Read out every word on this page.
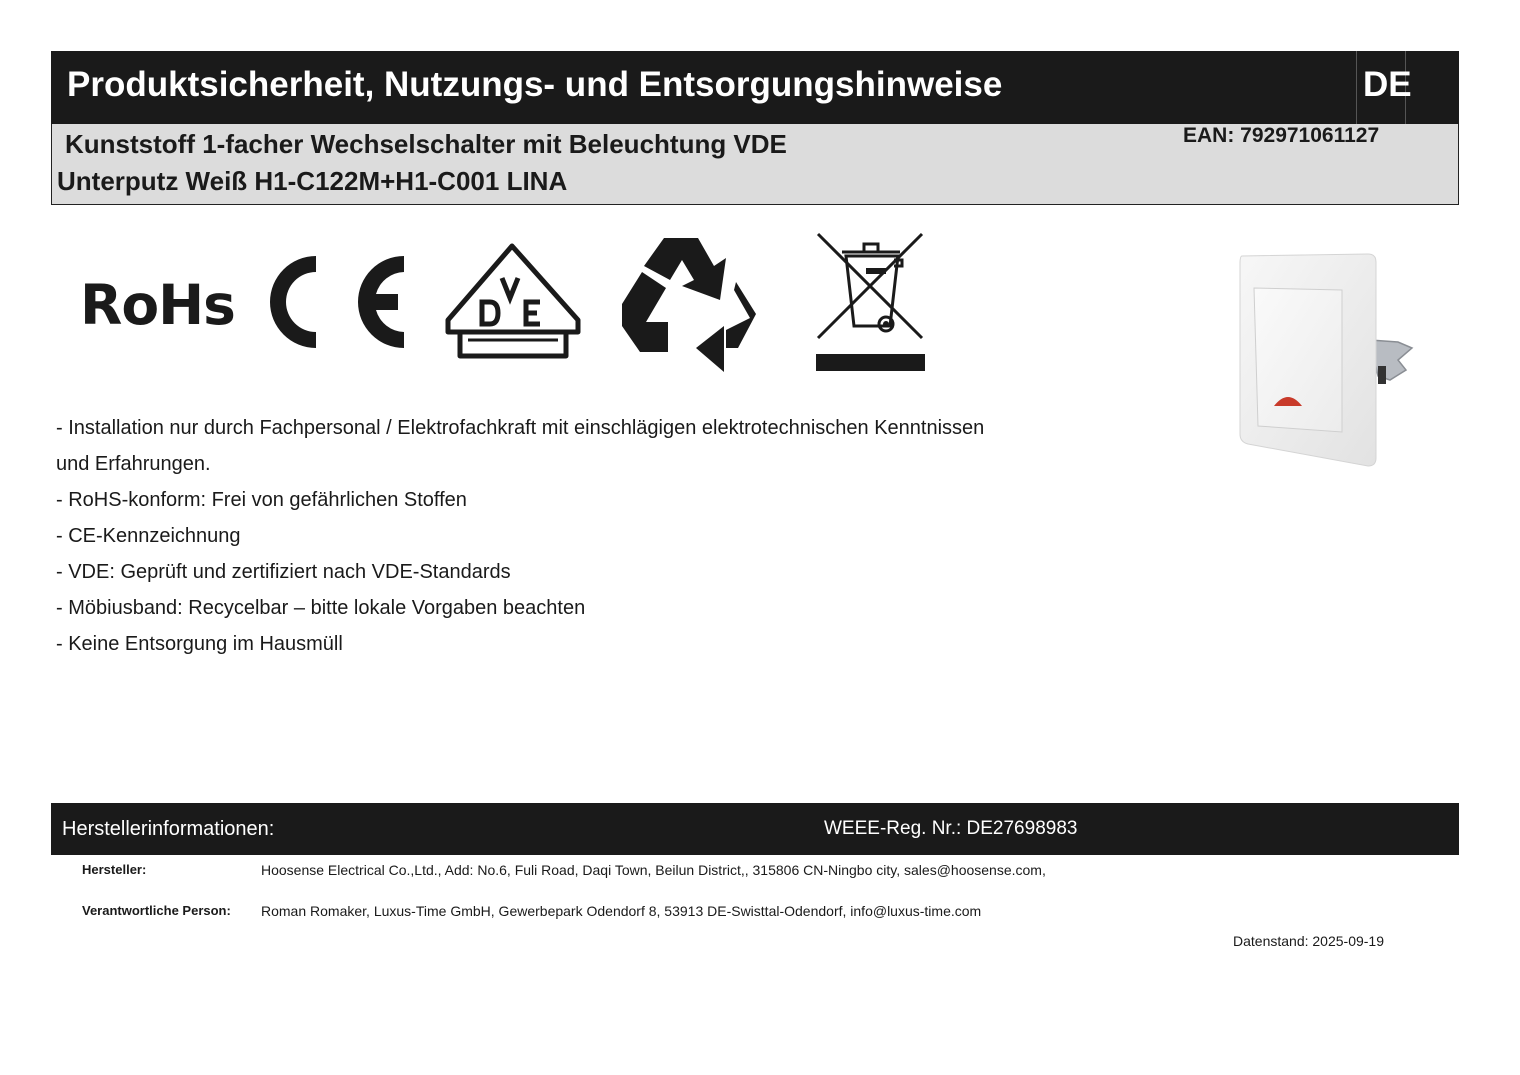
Produktsicherheit, Nutzungs- und Entsorgungshinweise	DE
Kunststoff 1-facher Wechselschalter mit Beleuchtung VDE
Unterputz Weiß H1-C122M+H1-C001 LINA
EAN: 792971061127
RoHs
- Installation nur durch Fachpersonal / Elektrofachkraft mit einschlägigen elektrotechnischen Kenntnissen
und Erfahrungen.
- RoHS-konform: Frei von gefährlichen Stoffen
- CE-Kennzeichnung
- VDE: Geprüft und zertifiziert nach VDE-Standards
- Möbiusband: Recycelbar – bitte lokale Vorgaben beachten
- Keine Entsorgung im Hausmüll
Herstellerinformationen:	WEEE-Reg. Nr.: DE27698983
Hersteller:	Hoosense Electrical Co.,Ltd., Add: No.6, Fuli Road, Daqi Town, Beilun District,, 315806 CN-Ningbo city, sales@hoosense.com,
Verantwortliche Person: Roman Romaker, Luxus-Time GmbH, Gewerbepark Odendorf 8, 53913 DE-Swisttal-Odendorf, info@luxus-time.com
Datenstand: 2025-09-19
